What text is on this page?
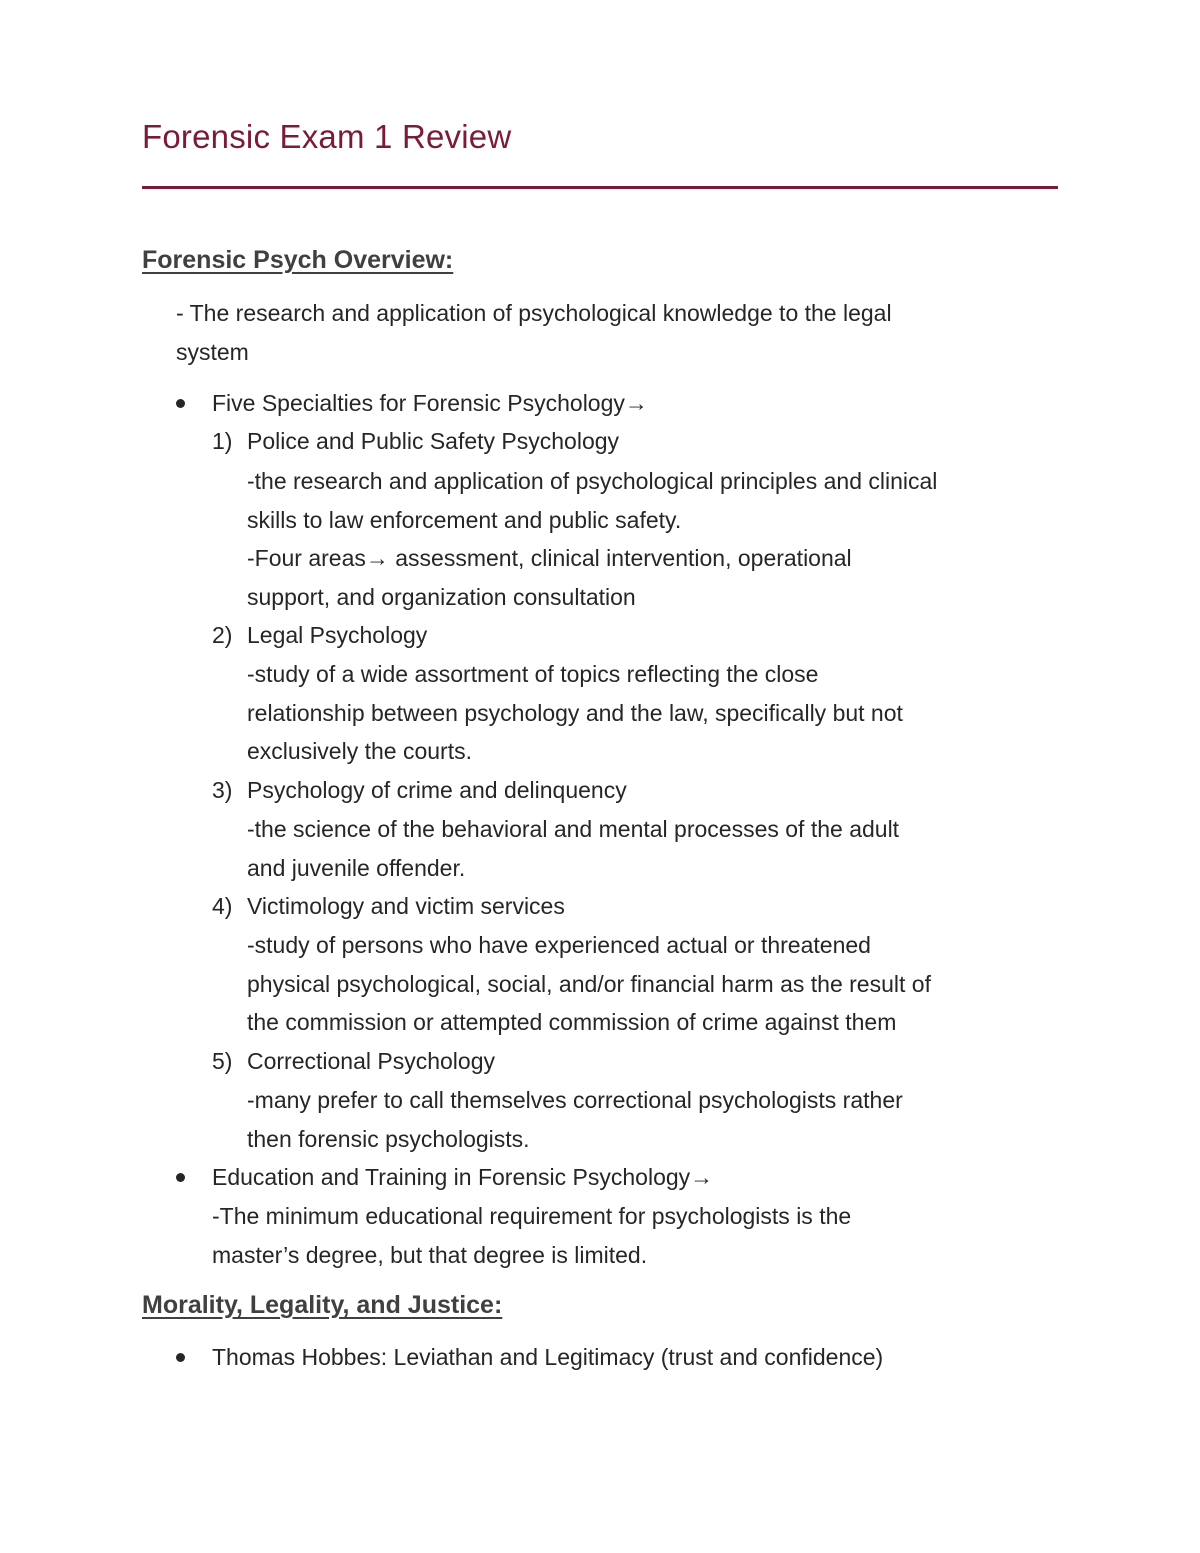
Forensic Exam 1 Review
Forensic Psych Overview:
- The research and application of psychological knowledge to the legal
system
Five Specialties for Forensic Psychology→
1) Police and Public Safety Psychology
-the research and application of psychological principles and clinical
skills to law enforcement and public safety.
-Four areas→ assessment, clinical intervention, operational
support, and organization consultation
2) Legal Psychology
-study of a wide assortment of topics reflecting the close
relationship between psychology and the law, specifically but not
exclusively the courts.
3) Psychology of crime and delinquency
-the science of the behavioral and mental processes of the adult
and juvenile offender.
4) Victimology and victim services
-study of persons who have experienced actual or threatened
physical psychological, social, and/or financial harm as the result of
the commission or attempted commission of crime against them
5) Correctional Psychology
-many prefer to call themselves correctional psychologists rather
then forensic psychologists.
Education and Training in Forensic Psychology→
-The minimum educational requirement for psychologists is the
master’s degree, but that degree is limited.
Morality, Legality, and Justice:
Thomas Hobbes: Leviathan and Legitimacy (trust and confidence)
